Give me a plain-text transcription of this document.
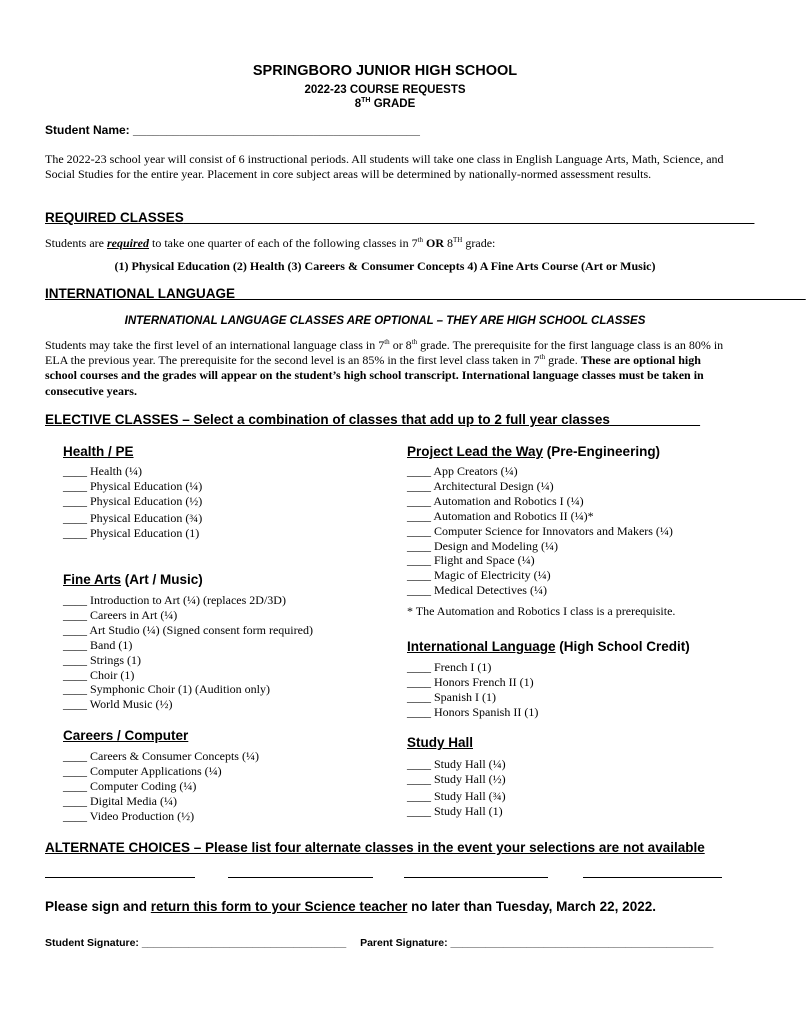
SPRINGBORO JUNIOR HIGH SCHOOL
2022-23 COURSE REQUESTS
8TH GRADE
Student Name: ___________________________________________

The 2022-23 school year will consist of 6 instructional periods. All students will take one class in English Language Arts, Math, Science, and Social Studies for the entire year. Placement in core subject areas will be determined by nationally-normed assessment results.

REQUIRED CLASSES____________________________________________________________________________
Students are required to take one quarter of each of the following classes in 7th OR 8TH grade:
(1) Physical Education (2) Health (3) Careers & Consumer Concepts 4) A Fine Arts Course (Art or Music)
INTERNATIONAL LANGUAGE____________________________________________________________________________
INTERNATIONAL LANGUAGE CLASSES ARE OPTIONAL – THEY ARE HIGH SCHOOL CLASSES

Students may take the first level of an international language class in 7th or 8th grade. The prerequisite for the first language class is an 80% in ELA the previous year. The prerequisite for the second level is an 85% in the first level class taken in 7th grade. These are optional high school courses and the grades will appear on the student’s high school transcript. International language classes must be taken in consecutive years.

ELECTIVE CLASSES – Select a combination of classes that add up to 2 full year classes____________
Health / PE
____ Health (¼)
____ Physical Education (¼)
____ Physical Education (½)
____ Physical Education (¾)
____ Physical Education (1)
Fine Arts (Art / Music)
____ Introduction to Art (¼) (replaces 2D/3D)
____ Careers in Art (¼)
____ Art Studio (¼) (Signed consent form required)
____ Band (1)
____ Strings (1)
____ Choir (1)
____ Symphonic Choir (1) (Audition only)
____ World Music (½)
Careers / Computer
____ Careers & Consumer Concepts (¼)
____ Computer Applications (¼)
____ Computer Coding (¼)
____ Digital Media (¼)
____ Video Production (½)
Project Lead the Way (Pre-Engineering)
____ App Creators (¼)
____ Architectural Design (¼)
____ Automation and Robotics I (¼)
____ Automation and Robotics II (¼)*
____ Computer Science for Innovators and Makers (¼)
____ Design and Modeling (¼)
____ Flight and Space (¼)
____ Magic of Electricity (¼)
____ Medical Detectives (¼)
* The Automation and Robotics I class is a prerequisite.
International Language (High School Credit)
____ French I (1)
____ Honors French II (1)
____ Spanish I (1)
____ Honors Spanish II (1)
Study Hall
____ Study Hall (¼)
____ Study Hall (½)
____ Study Hall (¾)
____ Study Hall (1)
ALTERNATE CHOICES – Please list four alternate classes in the event your selections are not available
Please sign and return this form to your Science teacher no later than Tuesday, March 22, 2022.
Student Signature: ___________________________________ Parent Signature: _____________________________________________
